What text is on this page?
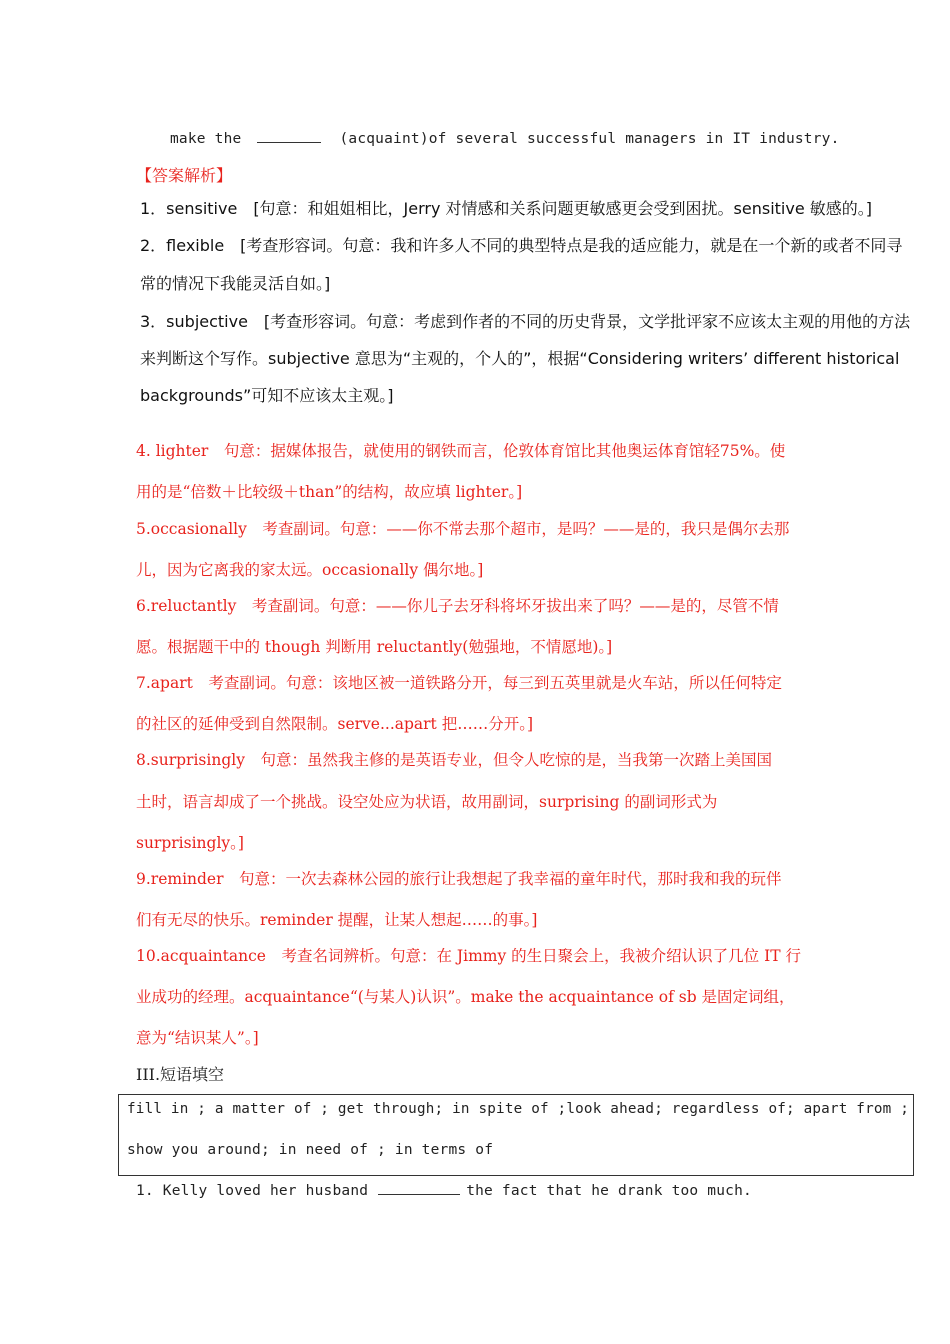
make the	(acquaint)of several successful managers in IT industry.
【答案解析】
1．sensitive　[句意：和姐姐相比，Jerry 对情感和关系问题更敏感更会受到困扰。sensitive 敏感的。]
2．flexible　[考查形容词。句意：我和许多人不同的典型特点是我的适应能力，就是在一个新的或者不同寻
常的情况下我能灵活自如。]
3．subjective　[考查形容词。句意：考虑到作者的不同的历史背景，文学批评家不应该太主观的用他的方法
来判断这个写作。subjective 意思为“主观的，个人的”，根据“Considering writers’ different historical
backgrounds”可知不应该太主观。]
4. lighter　句意：据媒体报告，就使用的钢铁而言，伦敦体育馆比其他奥运体育馆轻75%。使
用的是“倍数＋比较级＋than”的结构，故应填 lighter。]
5.occasionally　考查副词。句意：——你不常去那个超市，是吗？——是的，我只是偶尔去那
儿，因为它离我的家太远。occasionally 偶尔地。]
6.reluctantly　考查副词。句意：——你儿子去牙科将坏牙拔出来了吗？——是的，尽管不情
愿。根据题干中的 though 判断用 reluctantly(勉强地，不情愿地)。]
7.apart　考查副词。句意：该地区被一道铁路分开，每三到五英里就是火车站，所以任何特定
的社区的延伸受到自然限制。serve...apart 把……分开。]
8.surprisingly　句意：虽然我主修的是英语专业，但令人吃惊的是，当我第一次踏上美国国
土时，语言却成了一个挑战。设空处应为状语，故用副词，surprising 的副词形式为
surprisingly。]
9.reminder　句意：一次去森林公园的旅行让我想起了我幸福的童年时代，那时我和我的玩伴
们有无尽的快乐。reminder 提醒，让某人想起……的事。]
10.acquaintance　考查名词辨析。句意：在 Jimmy 的生日聚会上，我被介绍认识了几位 IT 行
业成功的经理。acquaintance“(与某人)认识”。make the acquaintance of sb 是固定词组，
意为“结识某人”。]
III.短语填空
fill in ; a matter of ; get through; in spite of ;look ahead; regardless of; apart from ;
show you around; in need of ; in terms of
1. Kelly loved her husband	the fact that he drank too much.
